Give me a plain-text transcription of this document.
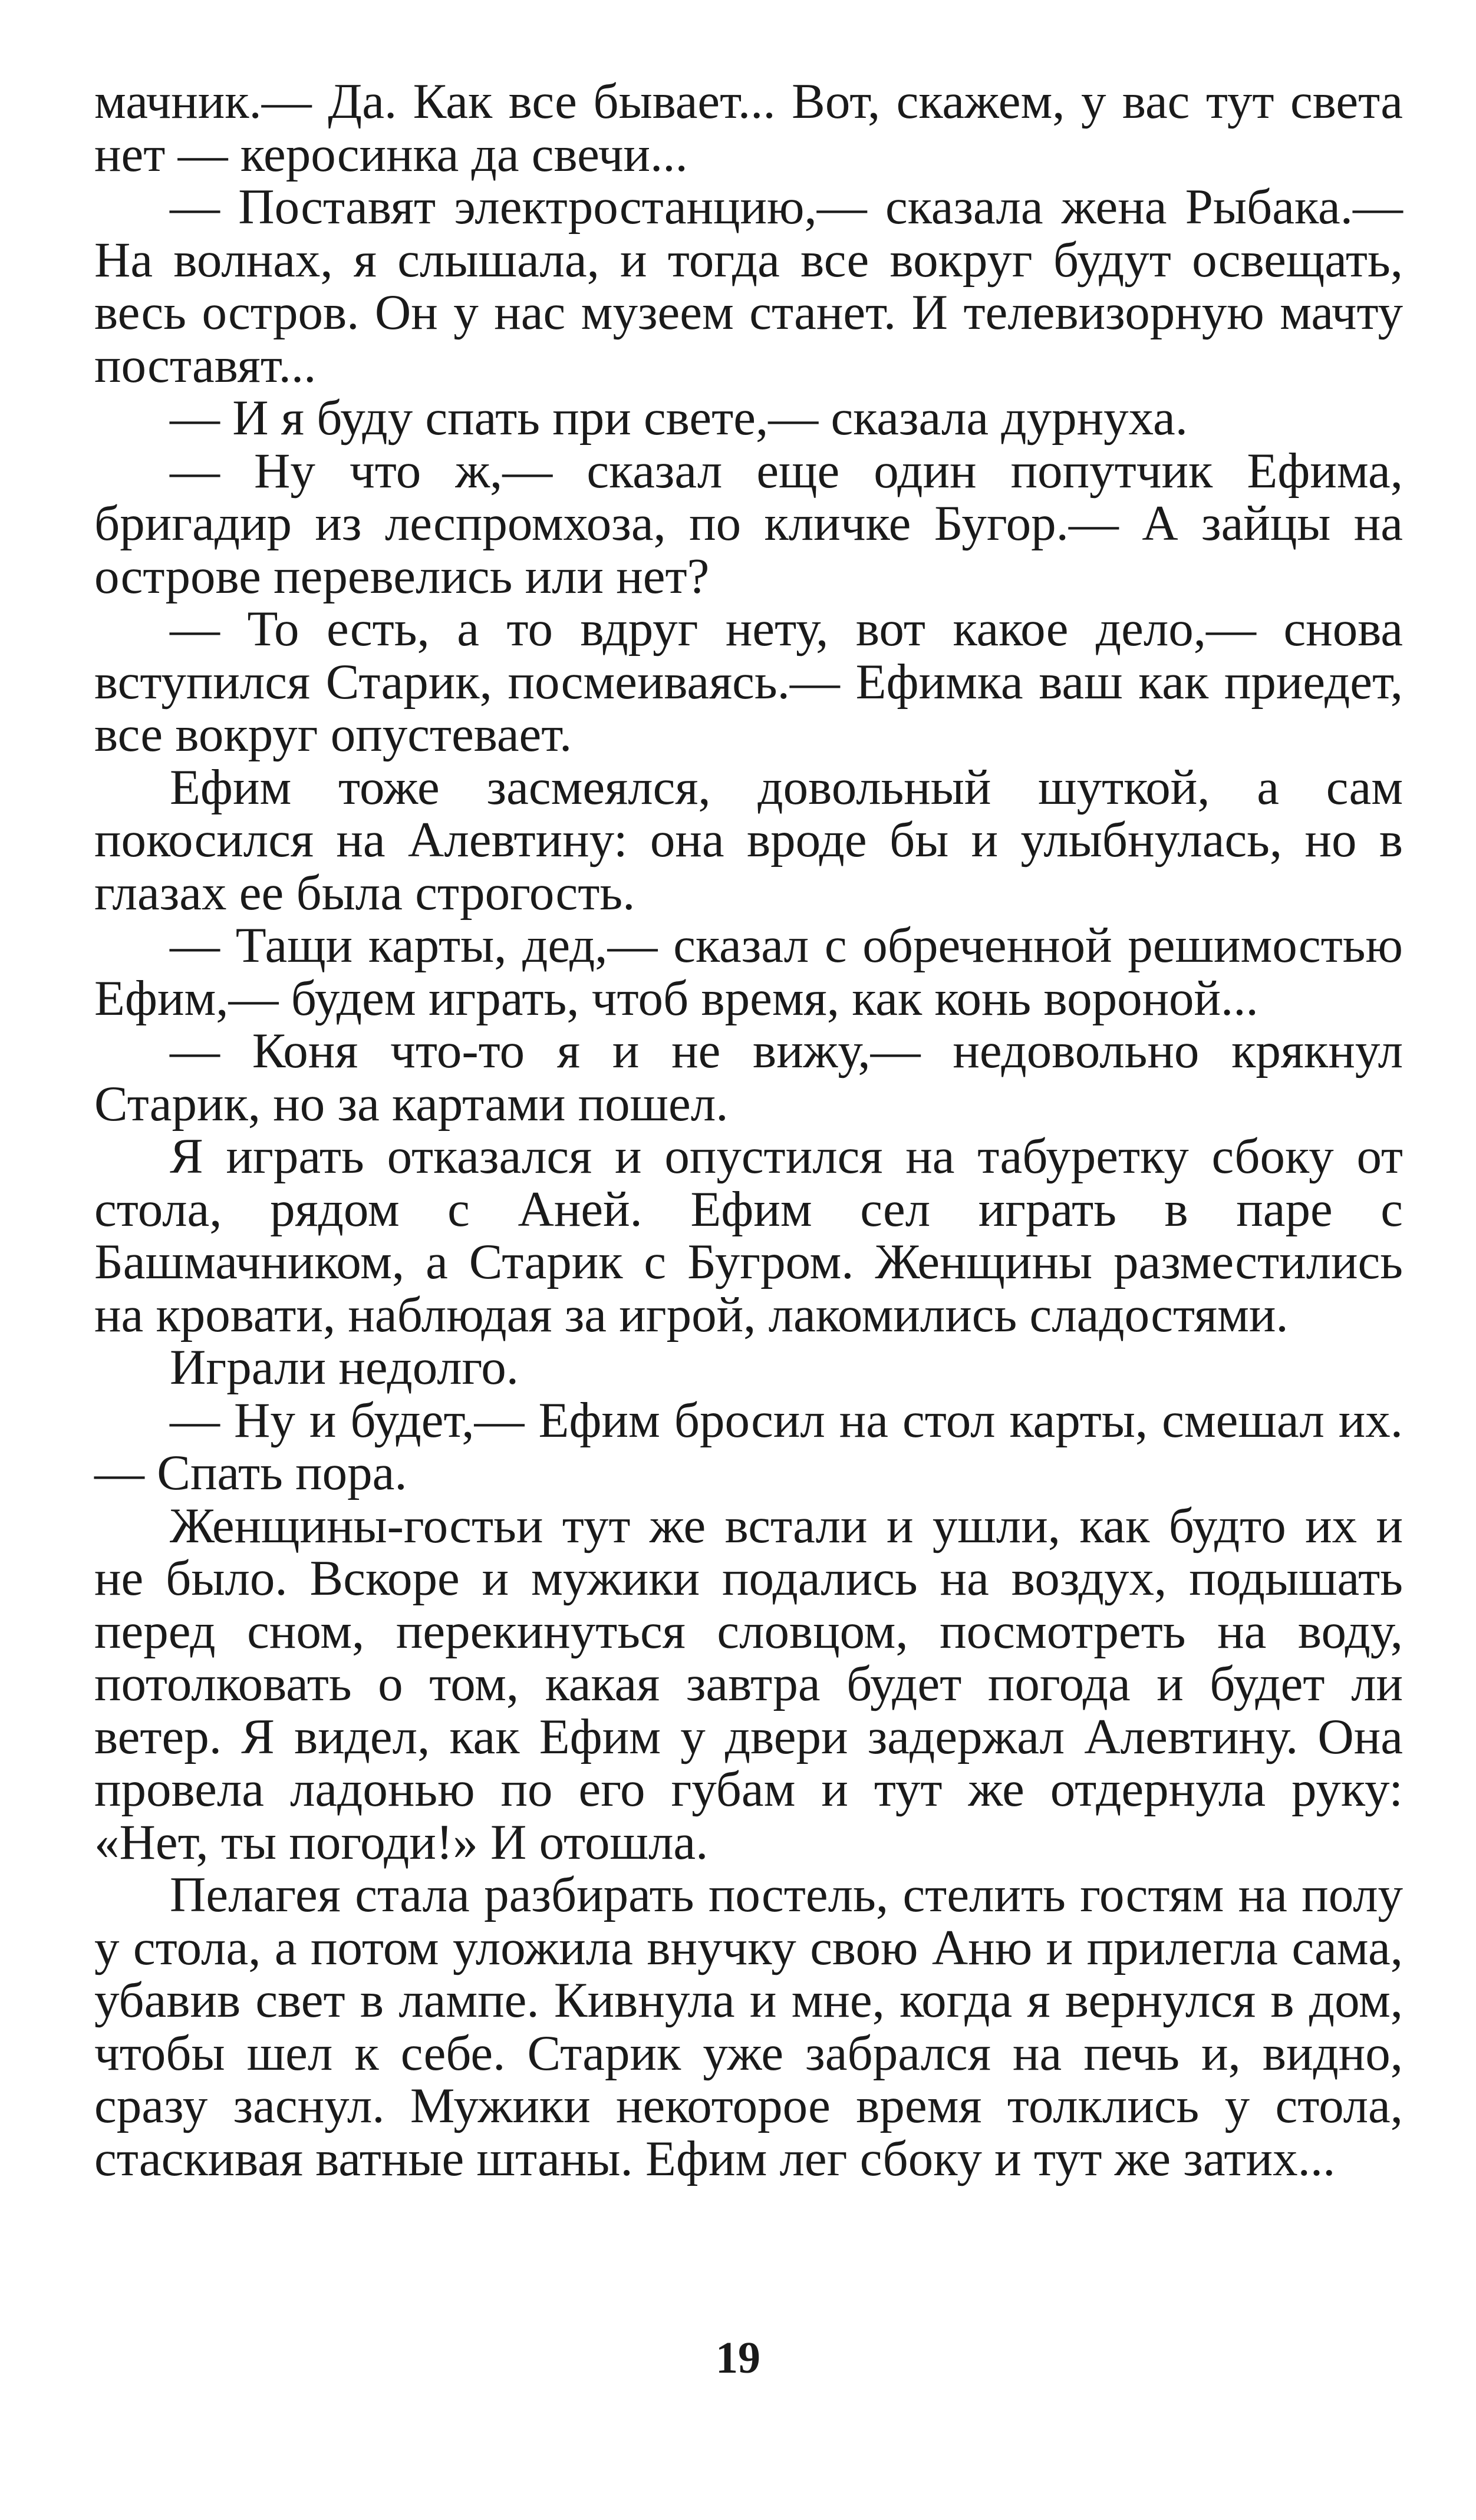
мачник.— Да. Как все бывает... Вот, скажем, у вас тут света нет — керосинка да свечи...

— Поставят электростанцию,— сказала жена Рыбака.— На волнах, я слышала, и тогда все вокруг будут освещать, весь остров. Он у нас музеем станет. И телевизорную мачту поставят...

— И я буду спать при свете,— сказала дурнуха.

— Ну что ж,— сказал еще один попутчик Ефима, бригадир из леспромхоза, по кличке Бугор.— А зайцы на острове перевелись или нет?

— То есть, а то вдруг нету, вот какое дело,— снова вступился Старик, посмеиваясь.— Ефимка ваш как приедет, все вокруг опустевает.

Ефим тоже засмеялся, довольный шуткой, а сам покосился на Алевтину: она вроде бы и улыбнулась, но в глазах ее была строгость.

— Тащи карты, дед,— сказал с обреченной решимостью Ефим,— будем играть, чтоб время, как конь вороной...

— Коня что-то я и не вижу,— недовольно крякнул Старик, но за картами пошел.

Я играть отказался и опустился на табуретку сбоку от стола, рядом с Аней. Ефим сел играть в паре с Башмачником, а Старик с Бугром. Женщины разместились на кровати, наблюдая за игрой, лакомились сладостями.

Играли недолго.

— Ну и будет,— Ефим бросил на стол карты, смешал их.— Спать пора.

Женщины-гостьи тут же встали и ушли, как будто их и не было. Вскоре и мужики подались на воздух, подышать перед сном, перекинуться словцом, посмотреть на воду, потолковать о том, какая завтра будет погода и будет ли ветер. Я видел, как Ефим у двери задержал Алевтину. Она провела ладонью по его губам и тут же отдернула руку: «Нет, ты погоди!» И отошла.

Пелагея стала разбирать постель, стелить гостям на полу у стола, а потом уложила внучку свою Аню и прилегла сама, убавив свет в лампе. Кивнула и мне, когда я вернулся в дом, чтобы шел к себе. Старик уже забрался на печь и, видно, сразу заснул. Мужики некоторое время толклись у стола, стаскивая ватные штаны. Ефим лег сбоку и тут же затих...

19
